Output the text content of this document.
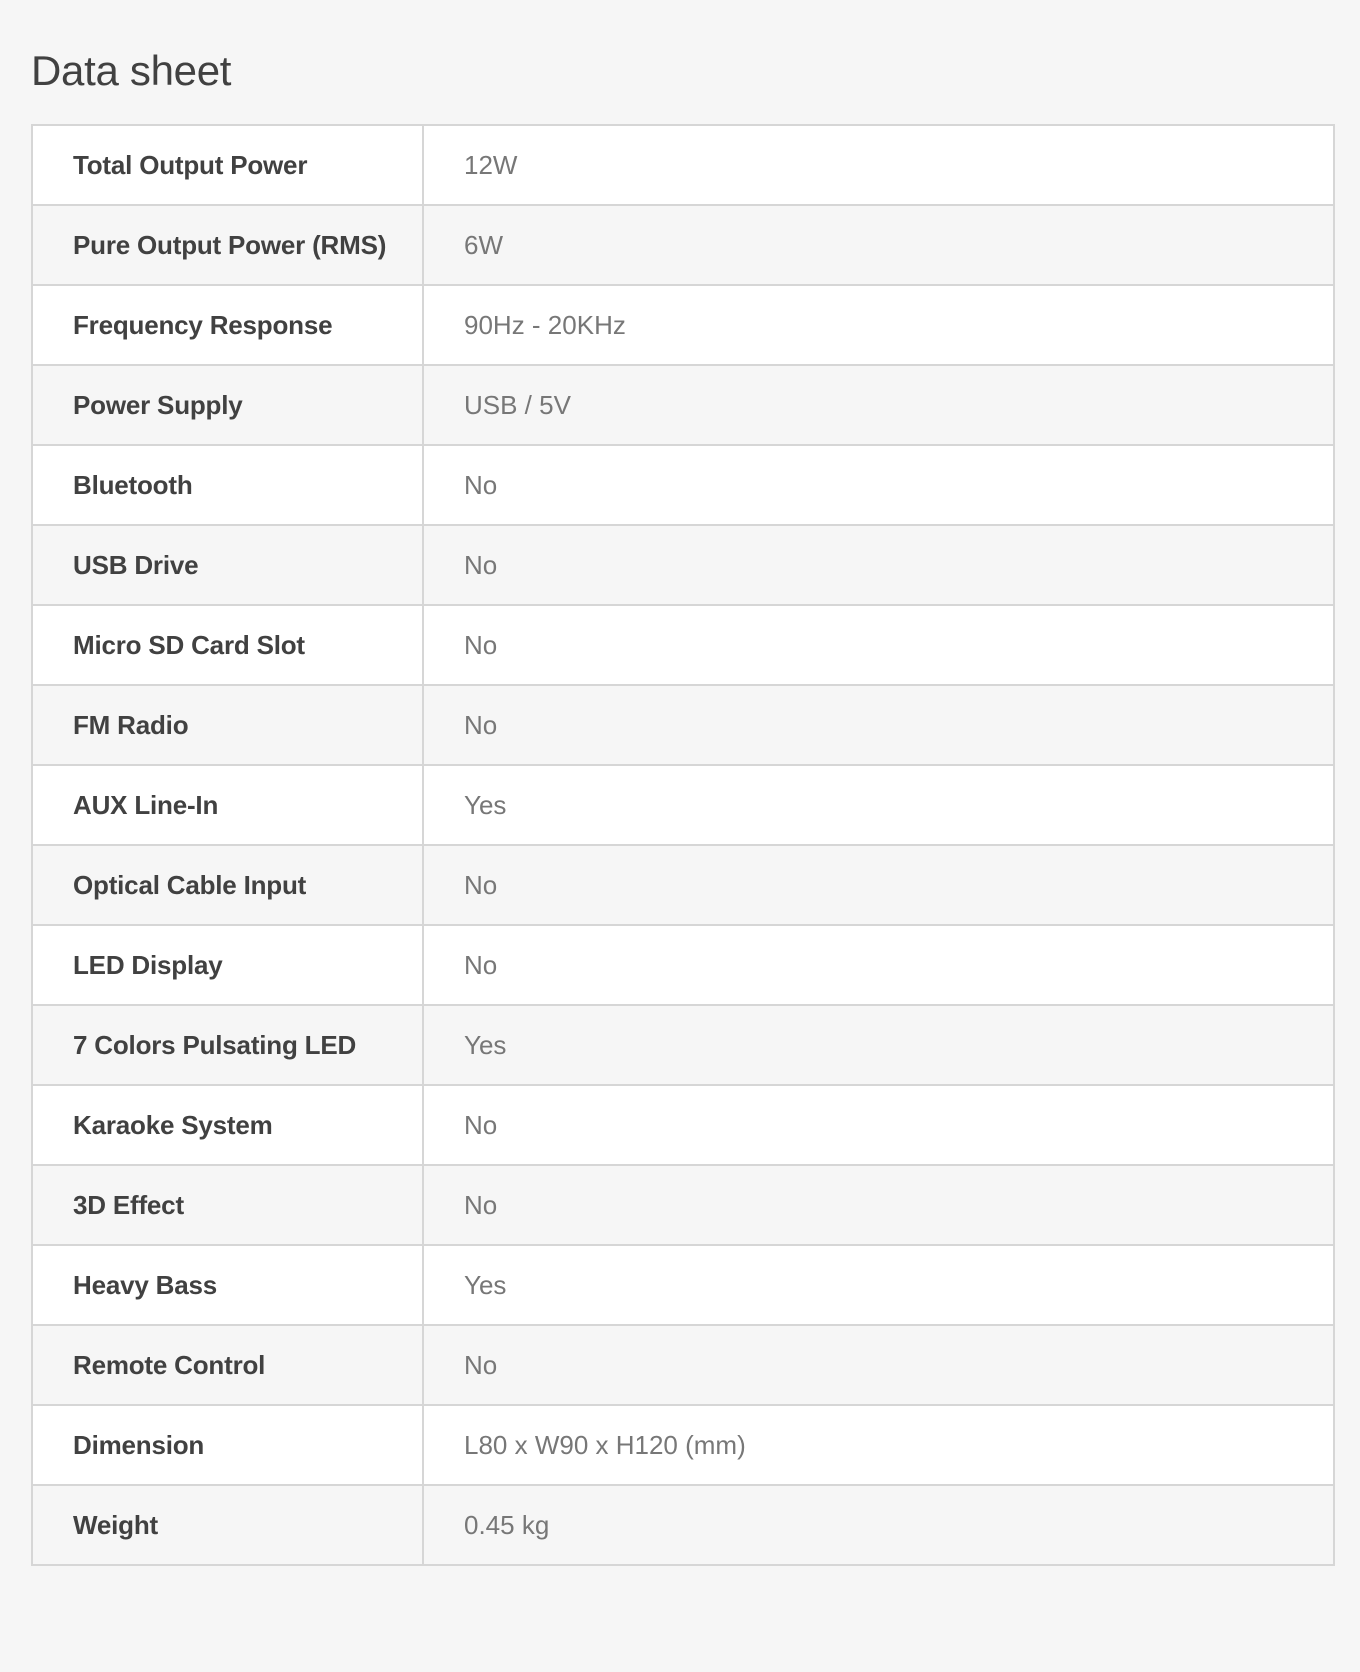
Data sheet
Total Output Power	12W
Pure Output Power (RMS)	6W
Frequency Response	90Hz - 20KHz
Power Supply	USB / 5V
Bluetooth	No
USB Drive	No
Micro SD Card Slot	No
FM Radio	No
AUX Line-In	Yes
Optical Cable Input	No
LED Display	No
7 Colors Pulsating LED	Yes
Karaoke System	No
3D Effect	No
Heavy Bass	Yes
Remote Control	No
Dimension	L80 x W90 x H120 (mm)
Weight	0.45 kg
